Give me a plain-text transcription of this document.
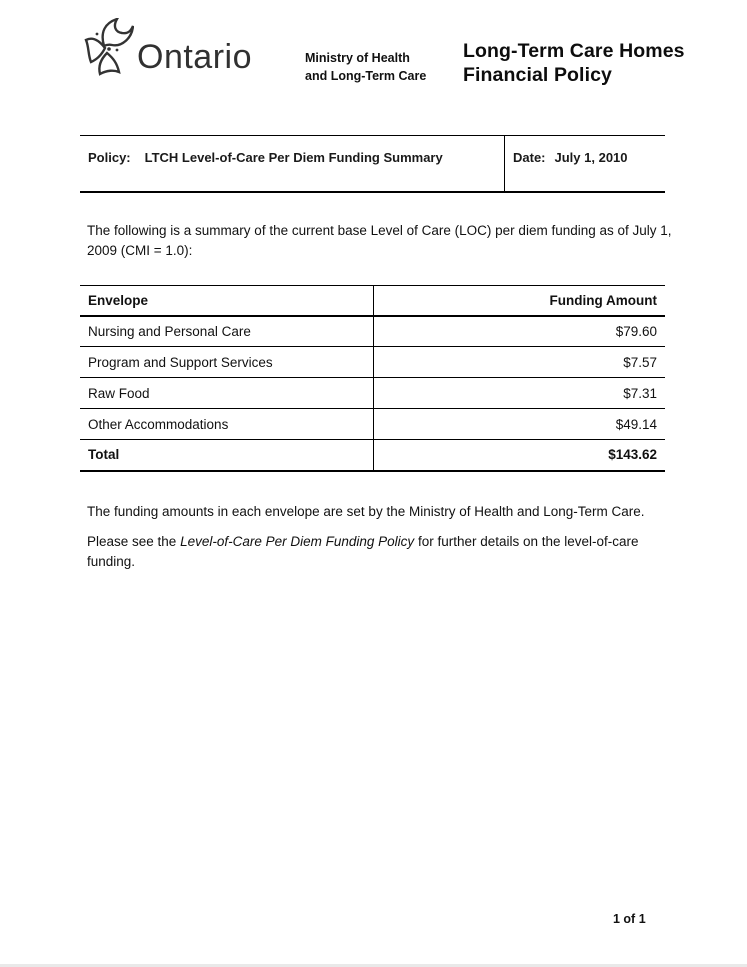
Ontario	Ministry of Health
and Long-Term Care
Long-Term Care Homes
Financial Policy
Policy: LTCH Level-of-Care Per Diem Funding Summary	Date: July 1, 2010

The following is a summary of the current base Level of Care (LOC) per diem funding as of July 1, 2009 (CMI = 1.0):

Envelope	Funding Amount
Nursing and Personal Care	$79.60
Program and Support Services	$7.57
Raw Food	$7.31
Other Accommodations	$49.14
Total	$143.62

The funding amounts in each envelope are set by the Ministry of Health and Long-Term Care.

Please see the Level-of-Care Per Diem Funding Policy for further details on the level-of-care funding.

1 of 1
